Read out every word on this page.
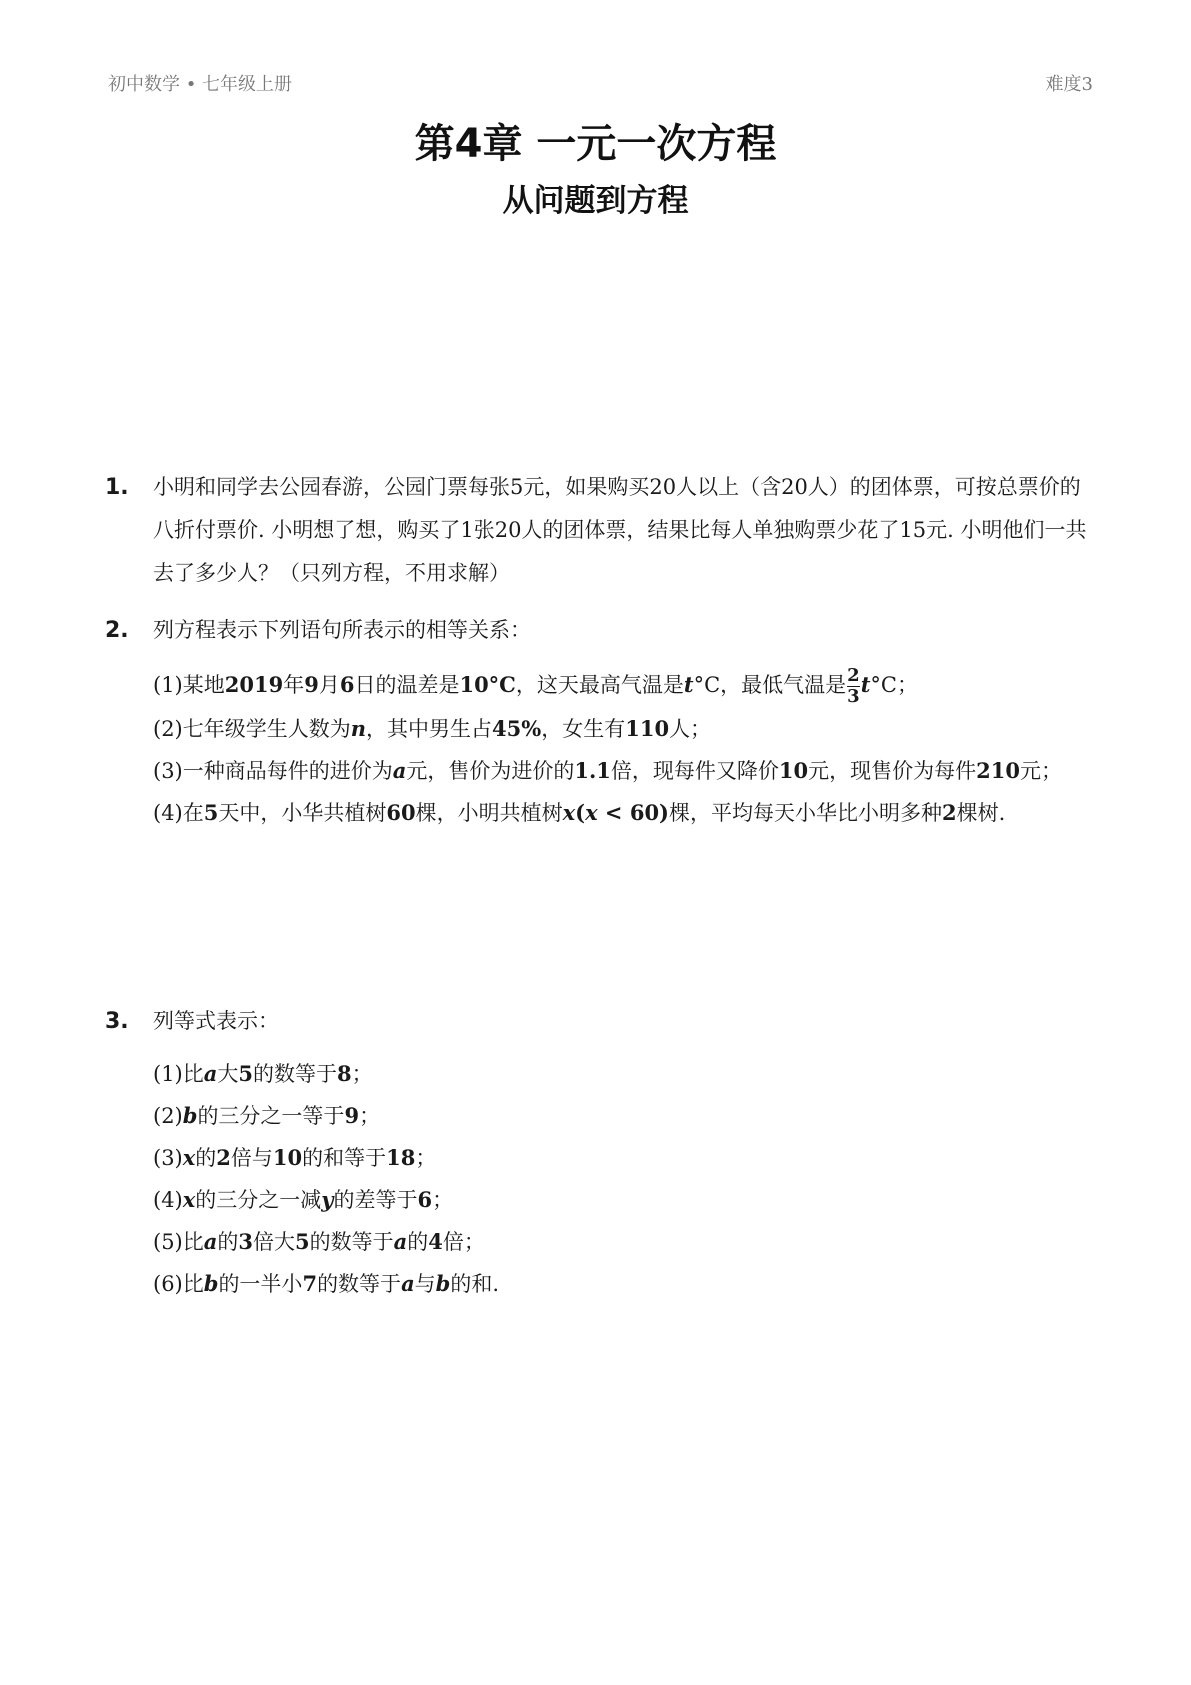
初中数学 • 七年级上册	难度3
第4章 一元一次方程
从问题到方程
1. 小明和同学去公园春游，公园门票每张5元，如果购买20人以上（含20人）的团体票，可按总票价的八折付票价. 小明想了想，购买了1张20人的团体票，结果比每人单独购票少花了15元. 小明他们一共去了多少人？（只列方程，不用求解）
2. 列方程表示下列语句所表示的相等关系：
(1)某地2019年9月6日的温差是10°C，这天最高气温是t°C，最低气温是 $\frac{2}{3} t^\circ C$；
(2)七年级学生人数为n，其中男生占45%，女生有110人；
(3)一种商品每件的进价为a元，售价为进价的1.1倍，现每件又降价10元，现售价为每件210元；
(4)在5天中，小华共植树60棵，小明共植树x(x < 60)棵，平均每天小华比小明多种2棵树.
3. 列等式表示：
(1)比a大5的数等于8；
(2)b的三分之一等于9；
(3)x的2倍与10的和等于18；
(4)x的三分之一减y的差等于6；
(5)比a的3倍大5的数等于a的4倍；
(6)比b的一半小7的数等于a与b的和.
